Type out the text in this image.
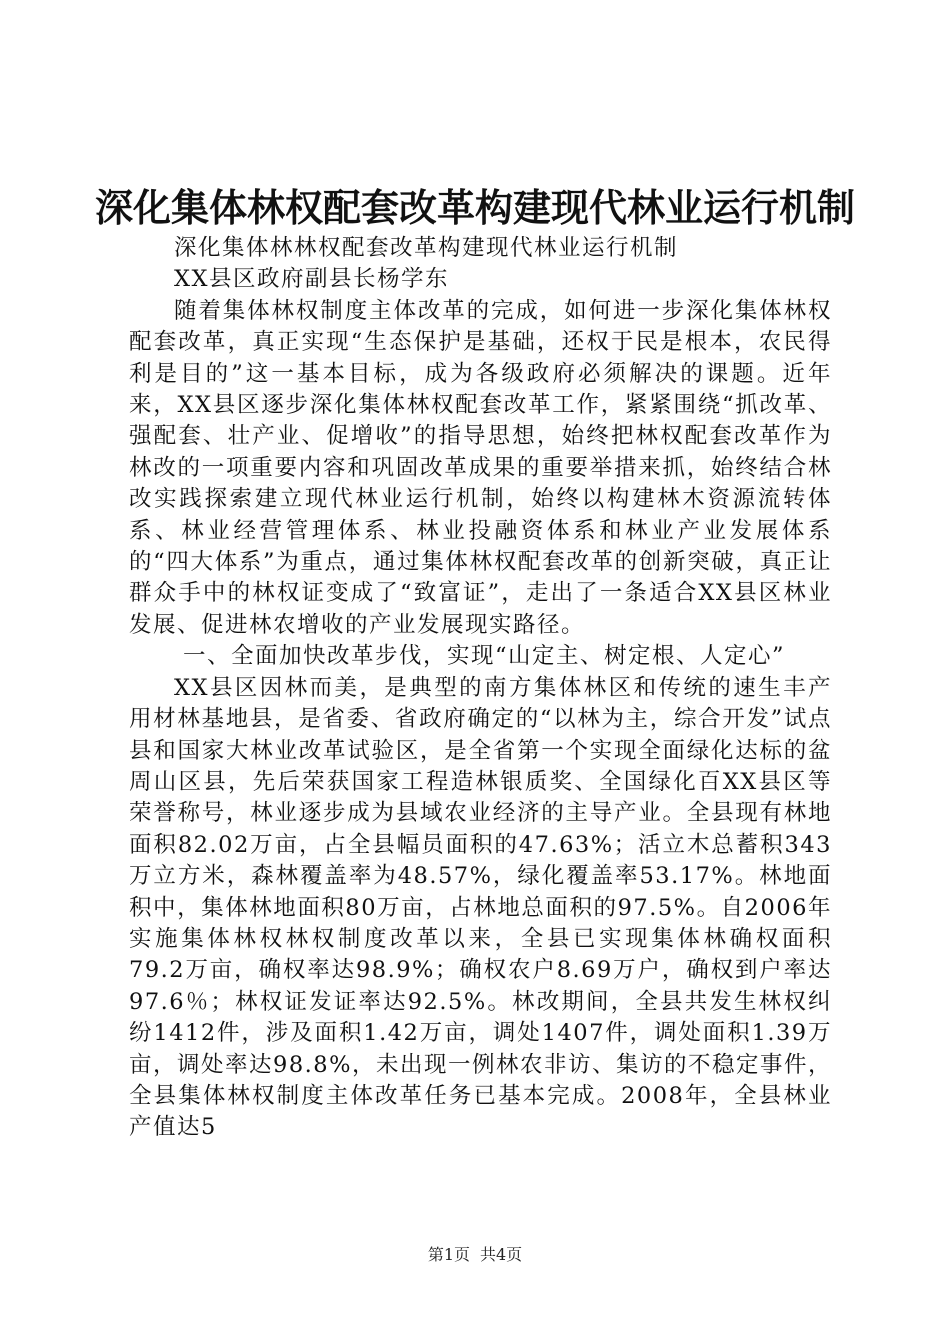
深化集体林权配套改革构建现代林业运行机制

深化集体林林权配套改革构建现代林业运行机制

XX县区政府副县长杨学东

随着集体林权制度主体改革的完成，如何进一步深化集体林权配套改革，真正实现“生态保护是基础，还权于民是根本，农民得利是目的”这一基本目标，成为各级政府必须解决的课题。近年来，XX县区逐步深化集体林权配套改革工作，紧紧围绕“抓改革、强配套、壮产业、促增收”的指导思想，始终把林权配套改革作为林改的一项重要内容和巩固改革成果的重要举措来抓，始终结合林改实践探索建立现代林业运行机制，始终以构建林木资源流转体系、林业经营管理体系、林业投融资体系和林业产业发展体系的“四大体系”为重点，通过集体林权配套改革的创新突破，真正让群众手中的林权证变成了“致富证”，走出了一条适合XX县区林业发展、促进林农增收的产业发展现实路径。

一、全面加快改革步伐，实现“山定主、树定根、人定心”

XX县区因林而美，是典型的南方集体林区和传统的速生丰产用材林基地县，是省委、省政府确定的“以林为主，综合开发”试点县和国家大林业改革试验区，是全省第一个实现全面绿化达标的盆周山区县，先后荣获国家工程造林银质奖、全国绿化百XX县区等荣誉称号，林业逐步成为县域农业经济的主导产业。全县现有林地面积82.02万亩，占全县幅员面积的47.63%；活立木总蓄积343万立方米，森林覆盖率为48.57%，绿化覆盖率53.17%。林地面积中，集体林地面积80万亩，占林地总面积的97.5%。自2006年实施集体林权林权制度改革以来，全县已实现集体林确权面积79.2万亩，确权率达98.9%；确权农户8.69万户，确权到户率达97.6％；林权证发证率达92.5%。林改期间，全县共发生林权纠纷1412件，涉及面积1.42万亩，调处1407件，调处面积1.39万亩，调处率达98.8%，未出现一例林农非访、集访的不稳定事件，全县集体林权制度主体改革任务已基本完成。2008年，全县林业产值达5

第1页 共4页
